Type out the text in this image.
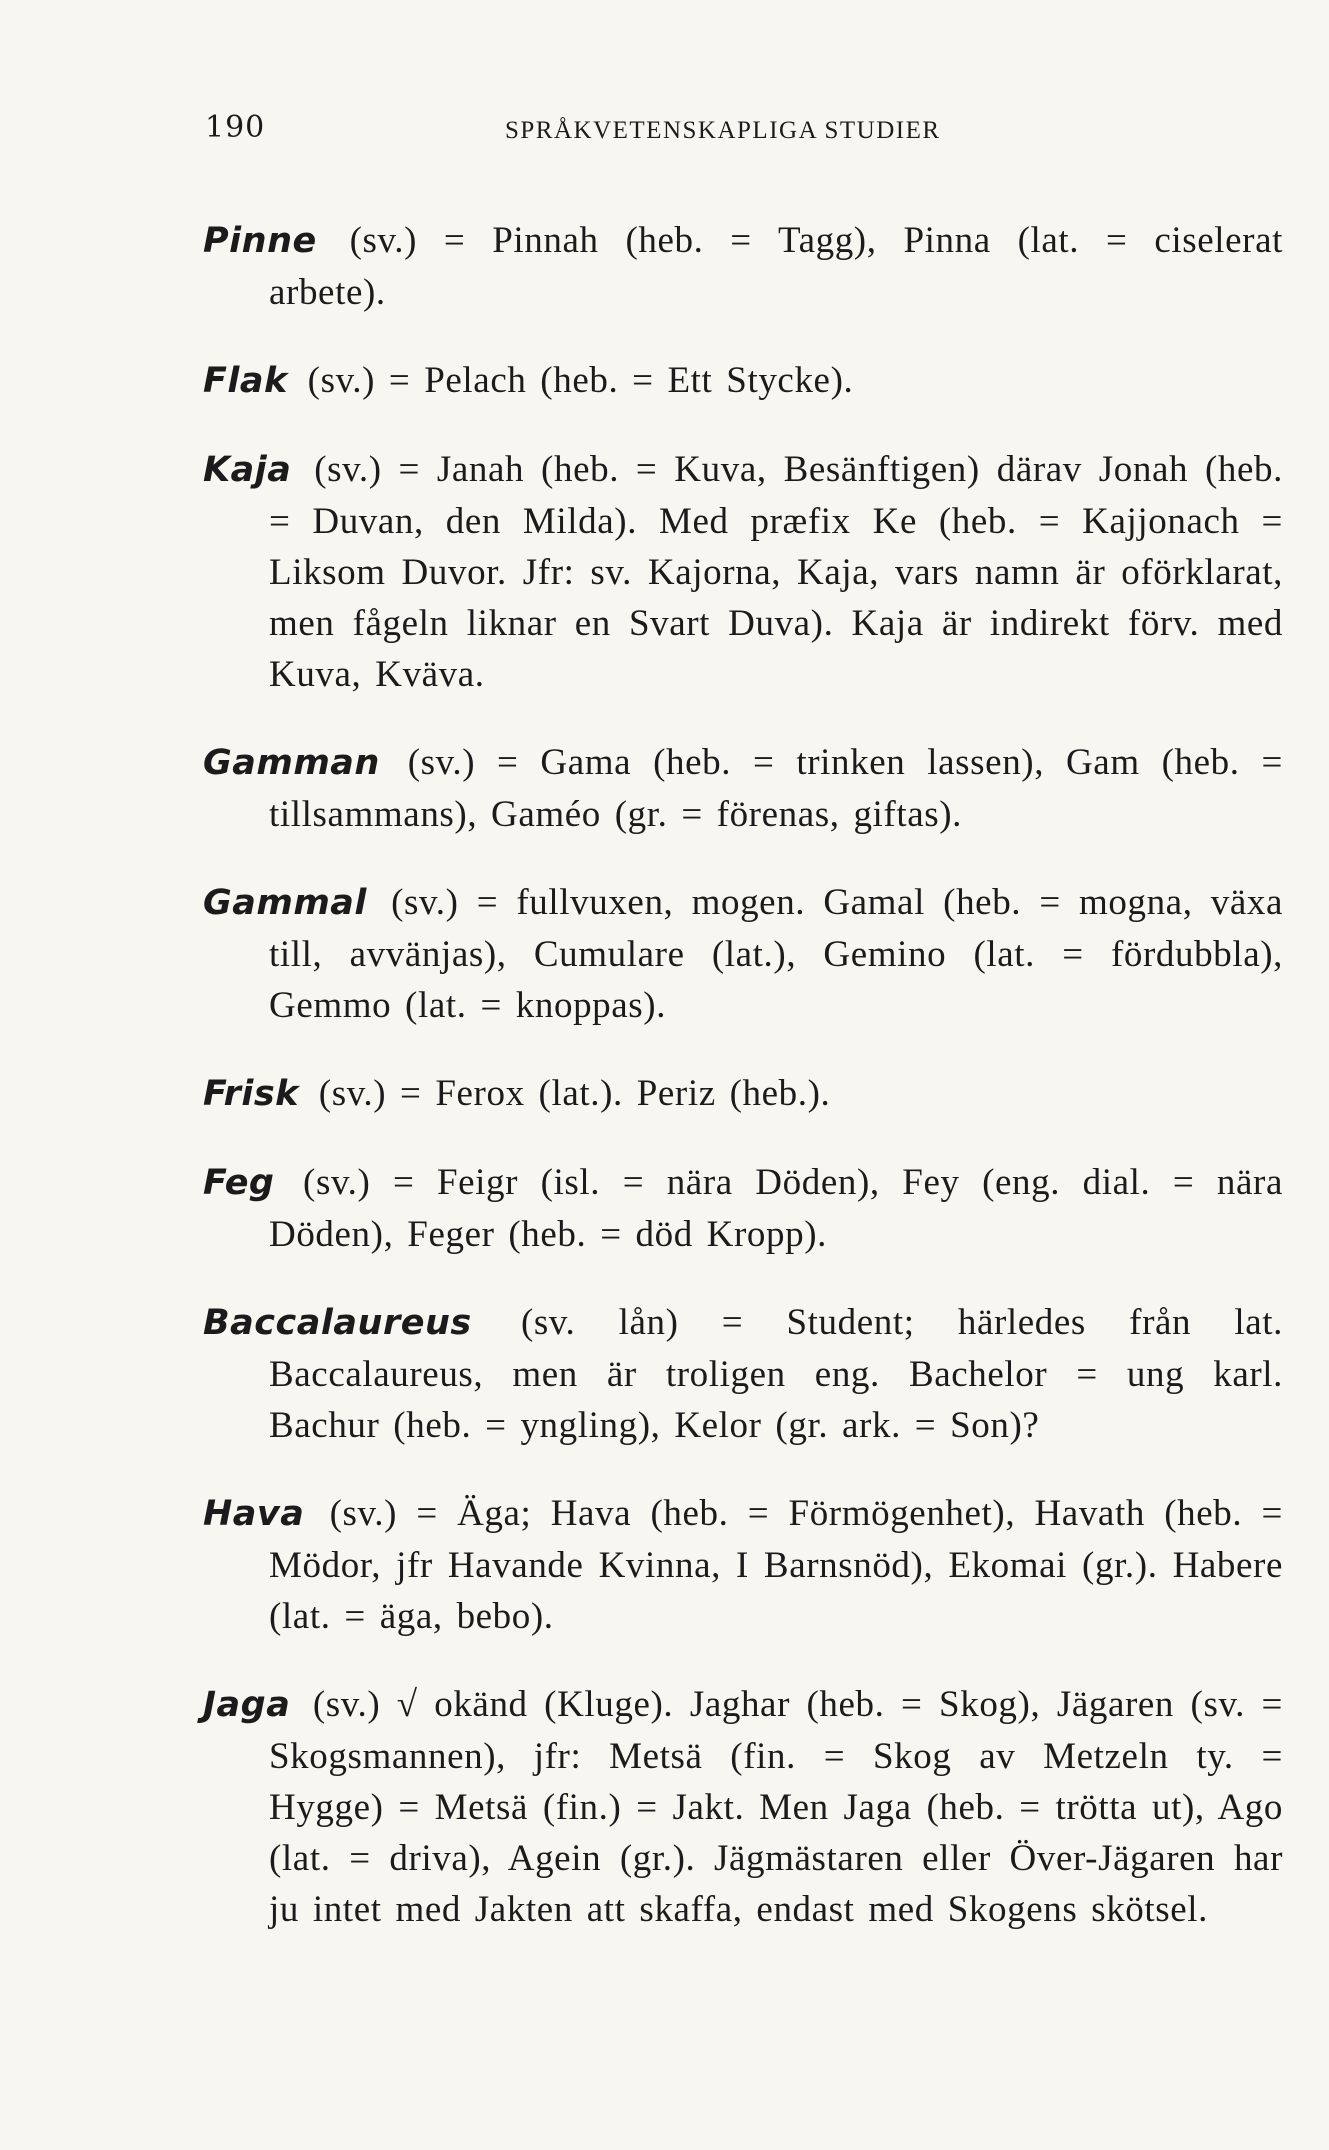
190	SPRÅKVETENSKAPLIGA STUDIER

Pinne (sv.) = Pinnah (heb. = Tagg), Pinna (lat. = ciselerat arbete).

Flak (sv.) = Pelach (heb. = Ett Stycke).

Kaja (sv.) = Janah (heb. = Kuva, Besänftigen) därav Jonah (heb. = Duvan, den Milda). Med præfix Ke (heb. = Kajjonach = Liksom Duvor. Jfr: sv. Kajorna, Kaja, vars namn är oförklarat, men fågeln liknar en Svart Duva). Kaja är indirekt förv. med Kuva, Kväva.

Gamman (sv.) = Gama (heb. = trinken lassen), Gam (heb. = tillsammans), Gaméo (gr. = förenas, giftas).

Gammal (sv.) = fullvuxen, mogen. Gamal (heb. = mogna, växa till, avvänjas), Cumulare (lat.), Gemino (lat. = fördubbla), Gemmo (lat. = knoppas).

Frisk (sv.) = Ferox (lat.). Periz (heb.).

Feg (sv.) = Feigr (isl. = nära Döden), Fey (eng. dial. = nära Döden), Feger (heb. = död Kropp).

Baccalaureus (sv. lån) = Student; härledes från lat. Baccalaureus, men är troligen eng. Bachelor = ung karl. Bachur (heb. = yngling), Kelor (gr. ark. = Son)?

Hava (sv.) = Äga; Hava (heb. = Förmögenhet), Havath (heb. = Mödor, jfr Havande Kvinna, I Barnsnöd), Ekomai (gr.). Habere (lat. = äga, bebo).

Jaga (sv.) √ okänd (Kluge). Jaghar (heb. = Skog), Jägaren (sv. = Skogsmannen), jfr: Metsä (fin. = Skog av Metzeln ty. = Hygge) = Metsä (fin.) = Jakt. Men Jaga (heb. = trötta ut), Ago (lat. = driva), Agein (gr.). Jägmästaren eller Över-Jägaren har ju intet med Jakten att skaffa, endast med Skogens skötsel.
